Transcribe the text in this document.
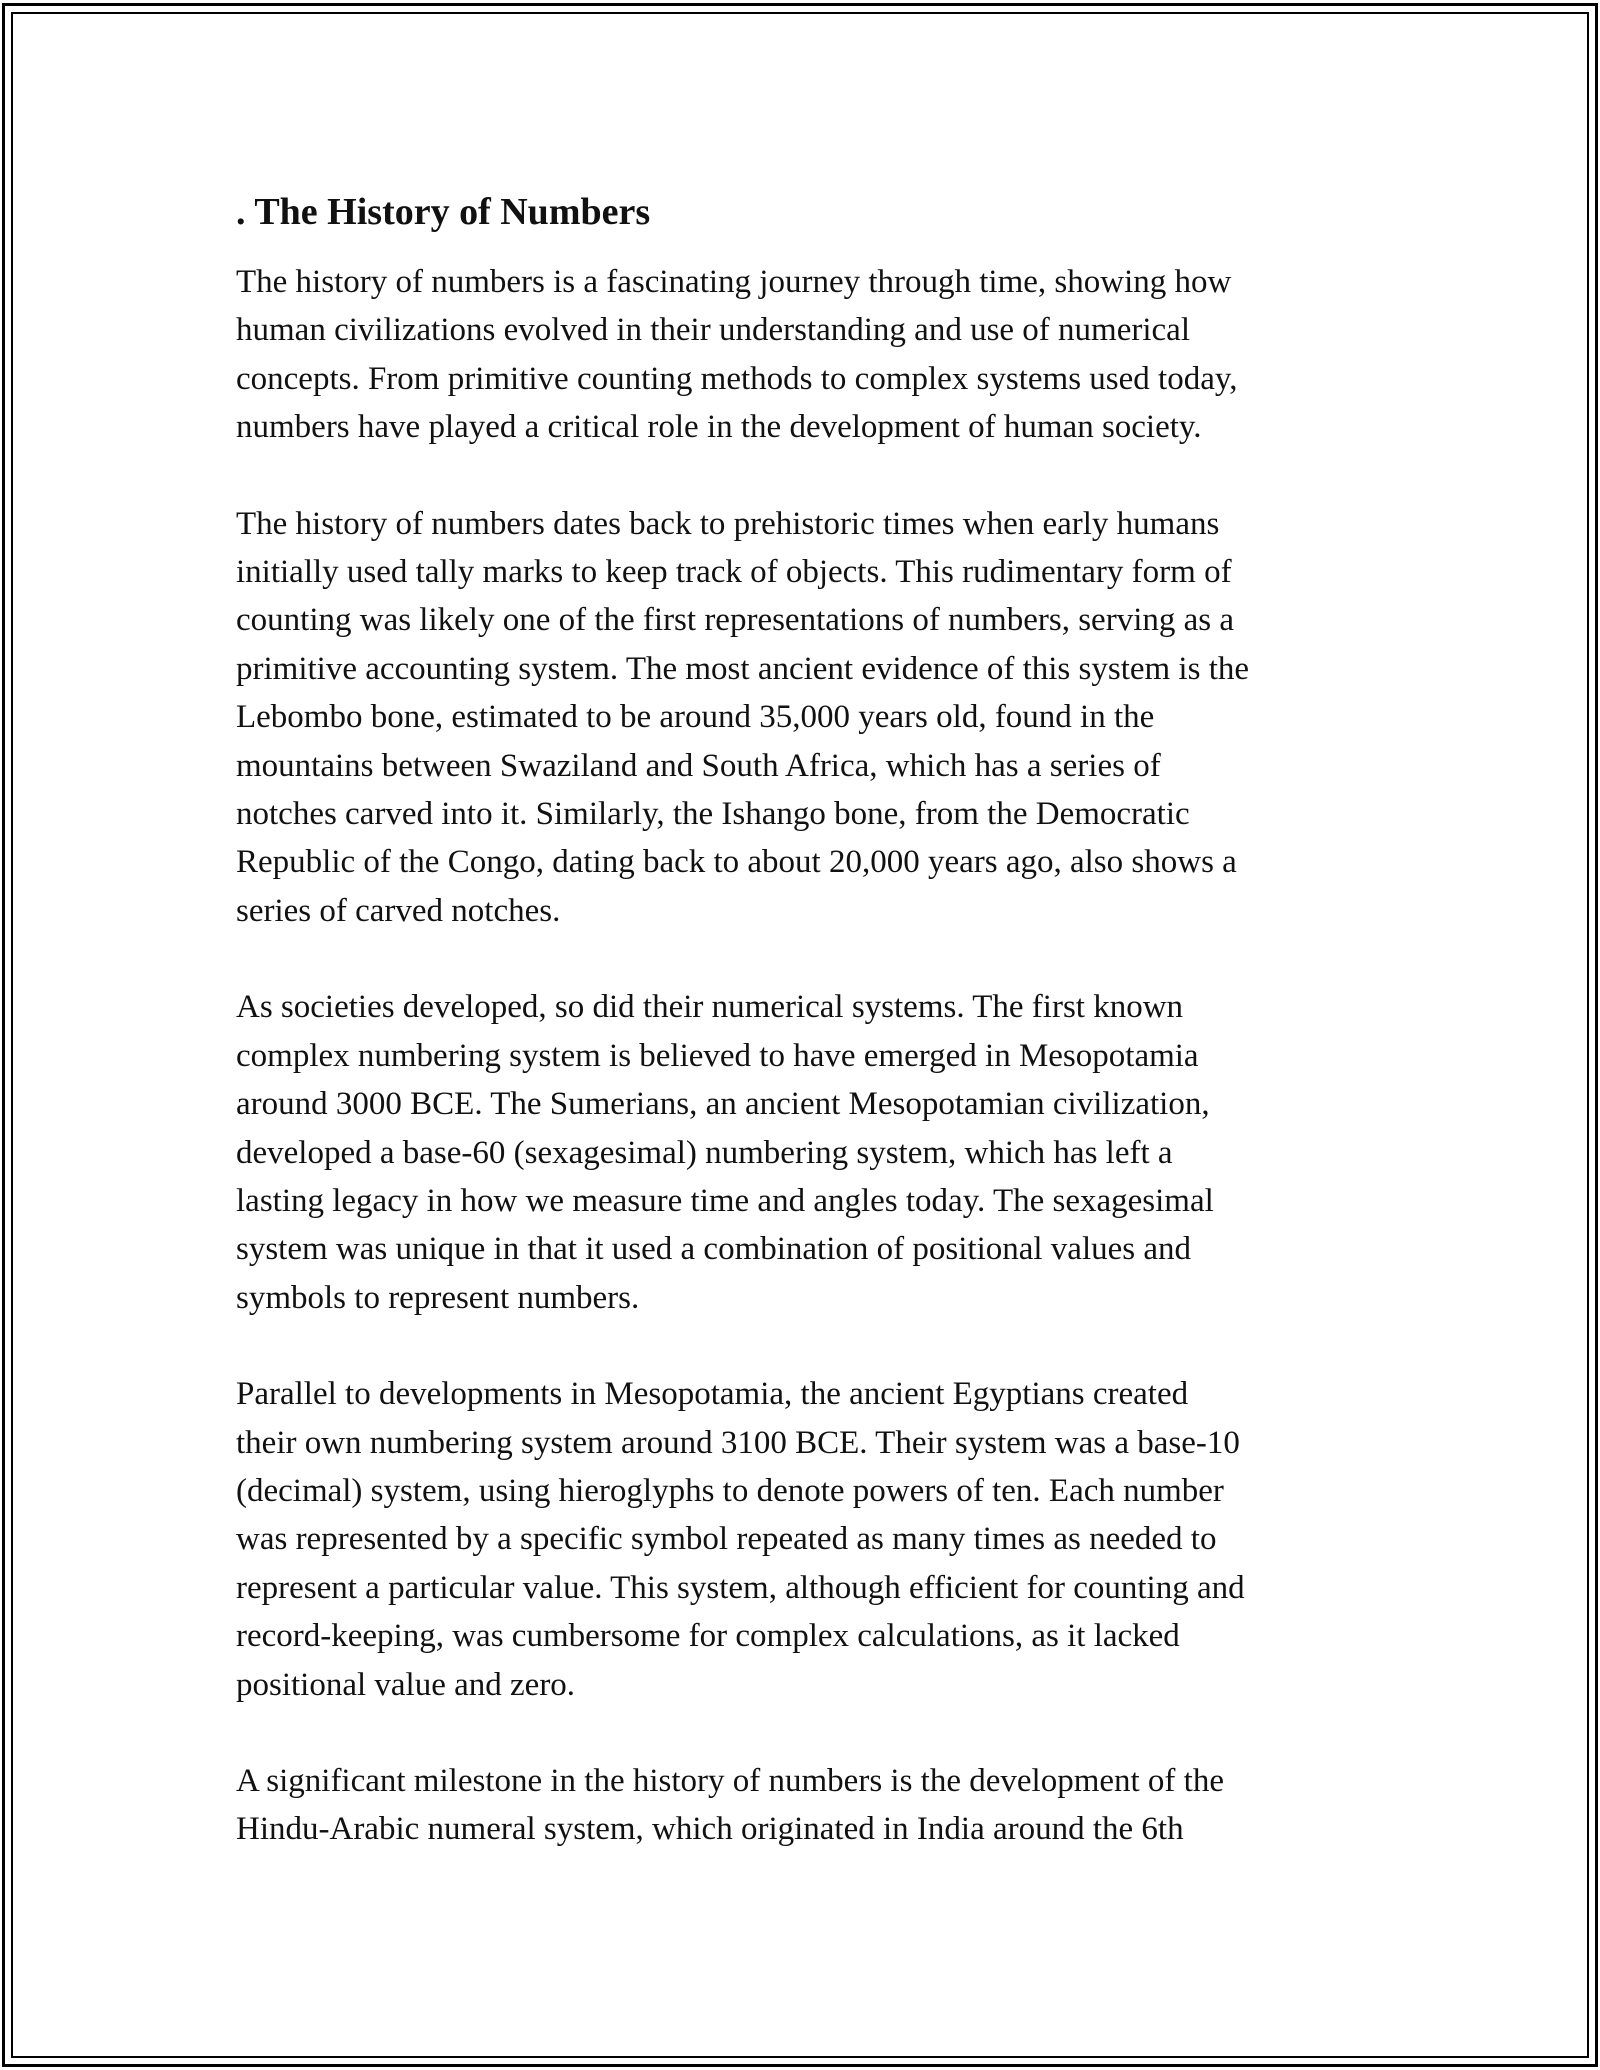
. The History of Numbers

The history of numbers is a fascinating journey through time, showing how
human civilizations evolved in their understanding and use of numerical
concepts. From primitive counting methods to complex systems used today,
numbers have played a critical role in the development of human society.

The history of numbers dates back to prehistoric times when early humans
initially used tally marks to keep track of objects. This rudimentary form of
counting was likely one of the first representations of numbers, serving as a
primitive accounting system. The most ancient evidence of this system is the
Lebombo bone, estimated to be around 35,000 years old, found in the
mountains between Swaziland and South Africa, which has a series of
notches carved into it. Similarly, the Ishango bone, from the Democratic
Republic of the Congo, dating back to about 20,000 years ago, also shows a
series of carved notches.

As societies developed, so did their numerical systems. The first known
complex numbering system is believed to have emerged in Mesopotamia
around 3000 BCE. The Sumerians, an ancient Mesopotamian civilization,
developed a base-60 (sexagesimal) numbering system, which has left a
lasting legacy in how we measure time and angles today. The sexagesimal
system was unique in that it used a combination of positional values and
symbols to represent numbers.

Parallel to developments in Mesopotamia, the ancient Egyptians created
their own numbering system around 3100 BCE. Their system was a base-10
(decimal) system, using hieroglyphs to denote powers of ten. Each number
was represented by a specific symbol repeated as many times as needed to
represent a particular value. This system, although efficient for counting and
record-keeping, was cumbersome for complex calculations, as it lacked
positional value and zero.

A significant milestone in the history of numbers is the development of the
Hindu-Arabic numeral system, which originated in India around the 6th
